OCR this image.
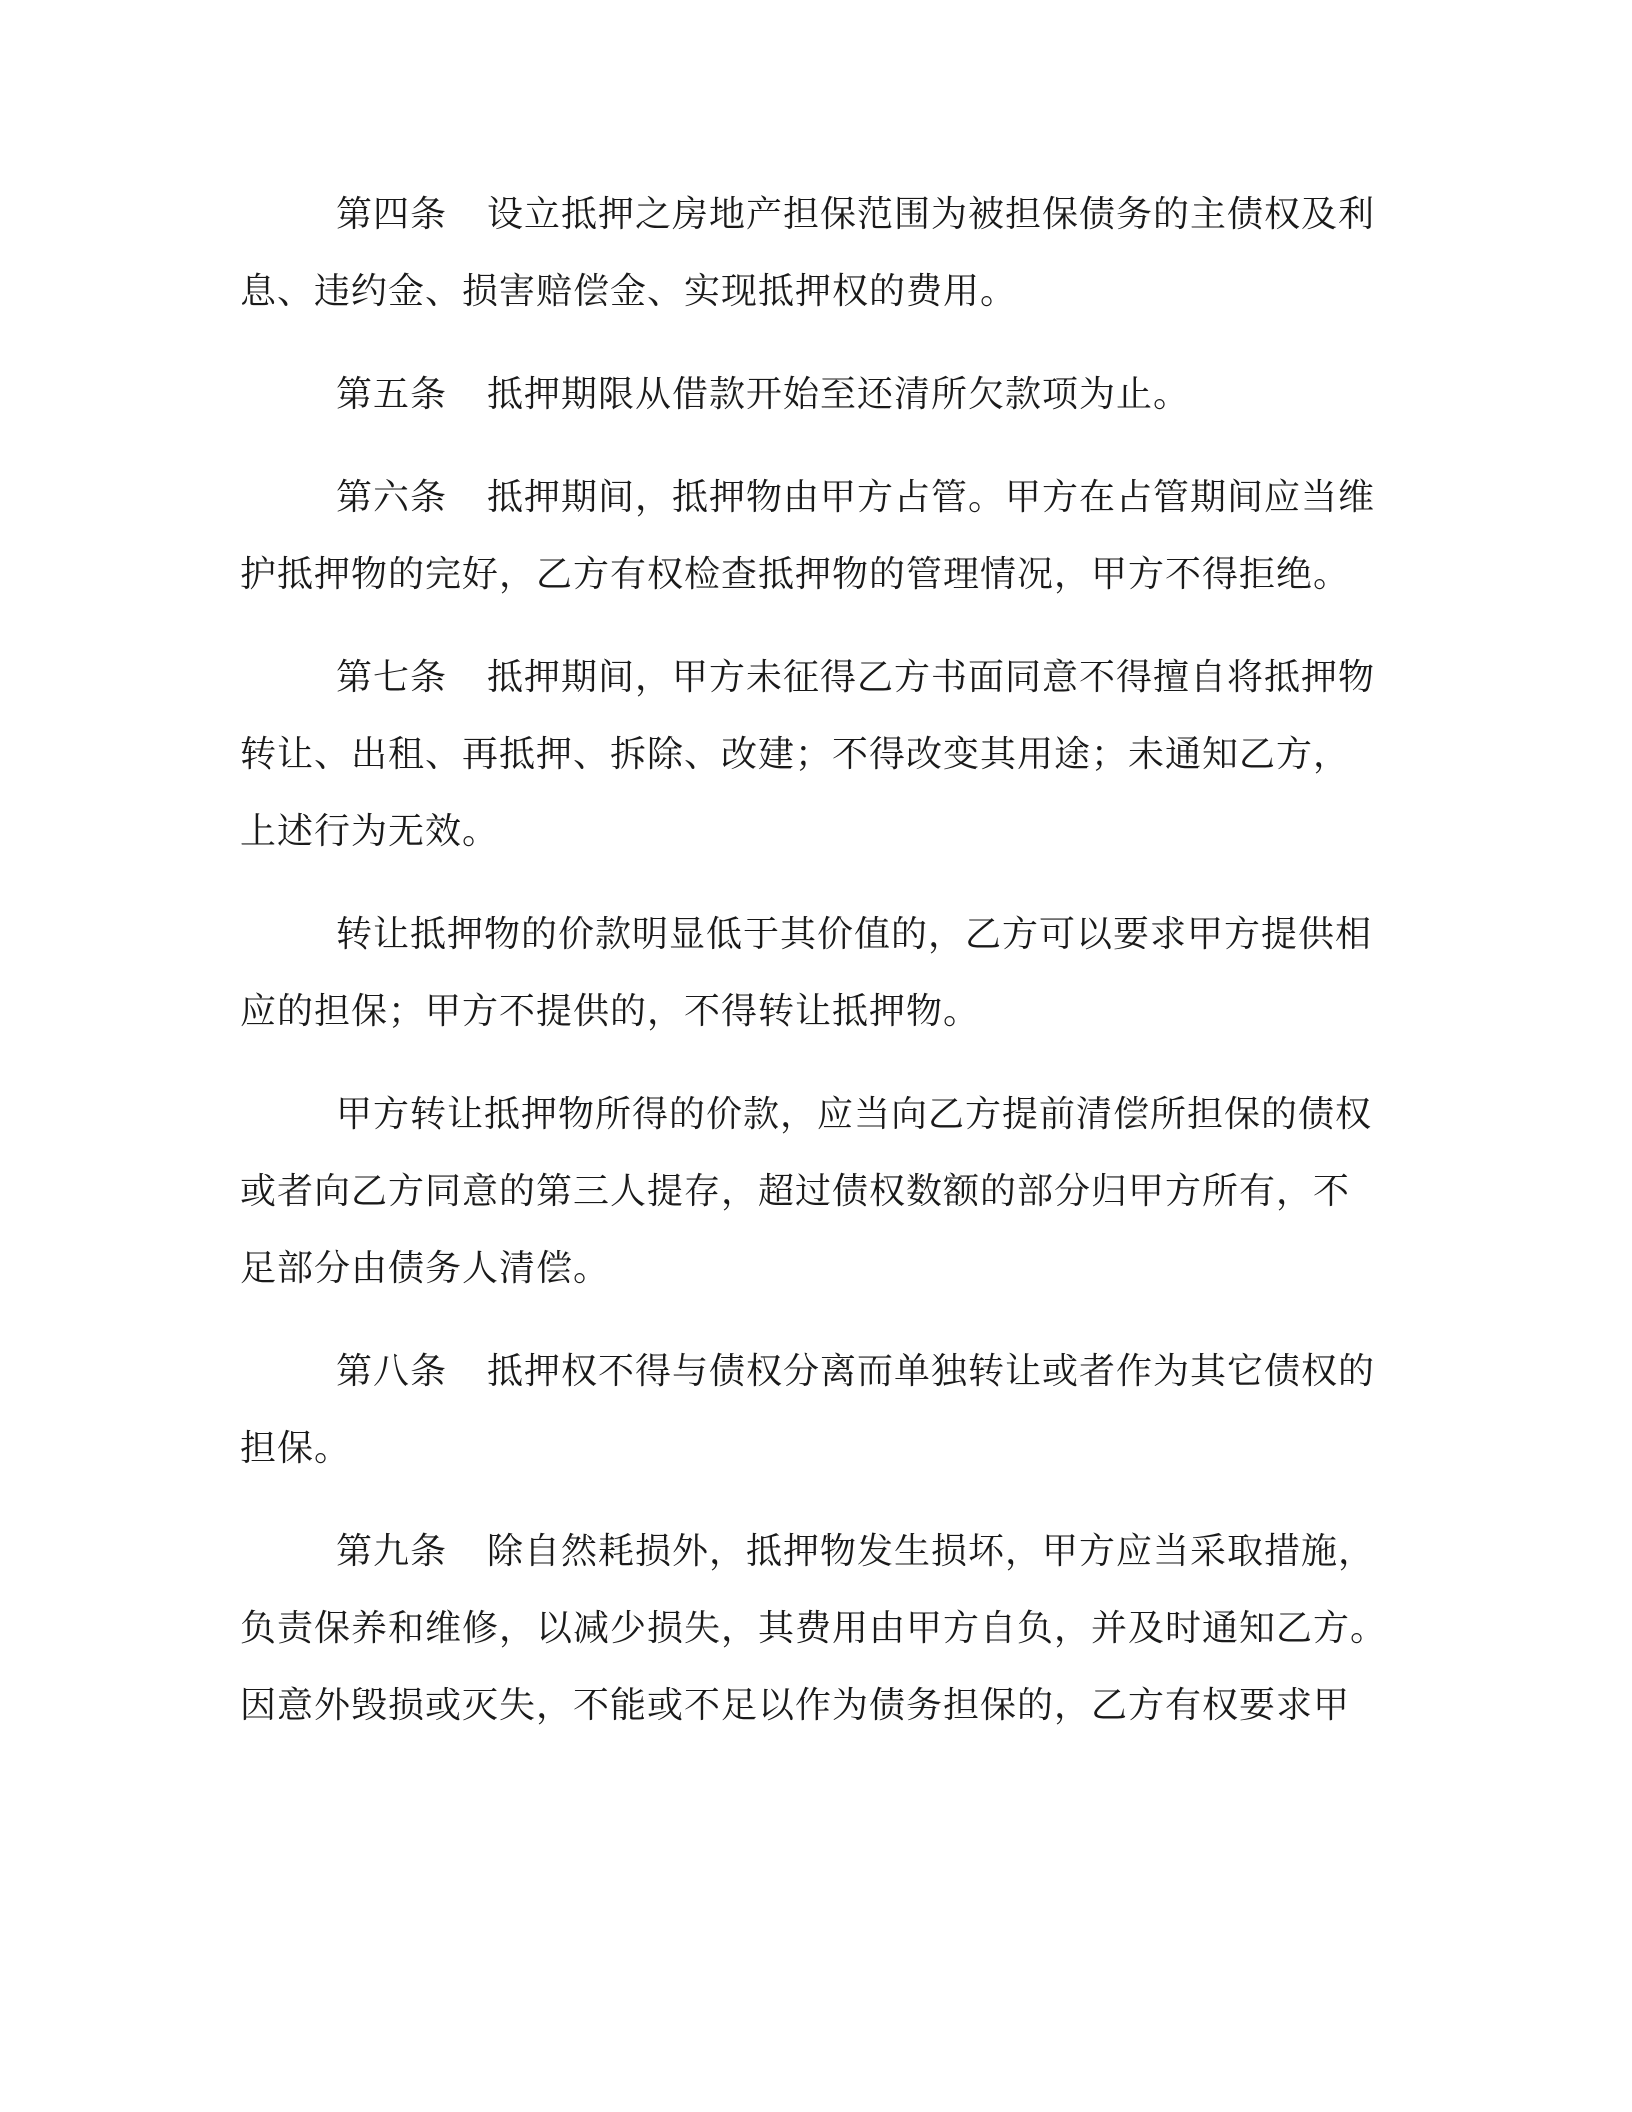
第四条 设立抵押之房地产担保范围为被担保债务的主债权及利
息、违约金、损害赔偿金、实现抵押权的费用。
第五条 抵押期限从借款开始至还清所欠款项为止。
第六条 抵押期间，抵押物由甲方占管。甲方在占管期间应当维
护抵押物的完好，乙方有权检查抵押物的管理情况，甲方不得拒绝。
第七条 抵押期间，甲方未征得乙方书面同意不得擅自将抵押物
转让、出租、再抵押、拆除、改建；不得改变其用途；未通知乙方，
上述行为无效。
转让抵押物的价款明显低于其价值的，乙方可以要求甲方提供相
应的担保；甲方不提供的，不得转让抵押物。
甲方转让抵押物所得的价款，应当向乙方提前清偿所担保的债权
或者向乙方同意的第三人提存，超过债权数额的部分归甲方所有，不
足部分由债务人清偿。
第八条 抵押权不得与债权分离而单独转让或者作为其它债权的
担保。
第九条 除自然耗损外，抵押物发生损坏，甲方应当采取措施，
负责保养和维修，以减少损失，其费用由甲方自负，并及时通知乙方。
因意外毁损或灭失，不能或不足以作为债务担保的，乙方有权要求甲
